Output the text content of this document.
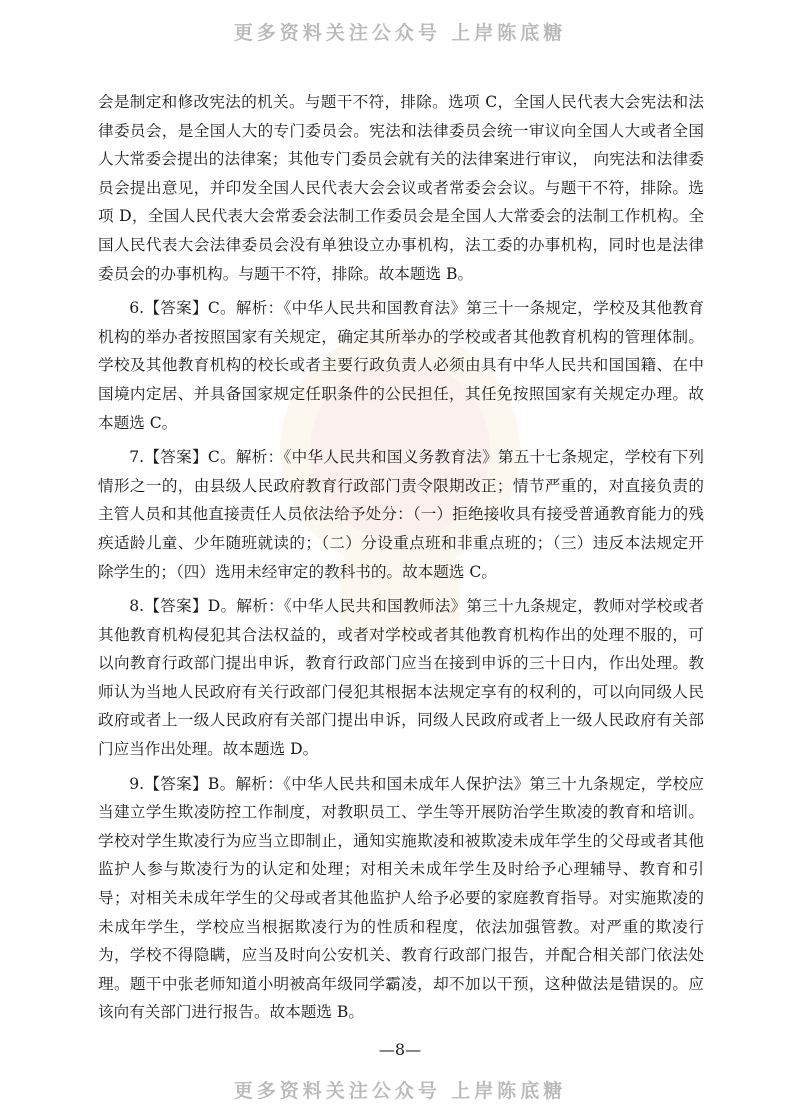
更多资料关注公众号 上岸陈底糖

会是制定和修改宪法的机关。与题干不符，排除。选项 C，全国人民代表大会宪法和法律委员会，是全国人大的专门委员会。宪法和法律委员会统一审议向全国人大或者全国人大常委会提出的法律案；其他专门委员会就有关的法律案进行审议， 向宪法和法律委员会提出意见，并印发全国人民代表大会会议或者常委会会议。与题干不符，排除。选项 D，全国人民代表大会常委会法制工作委员会是全国人大常委会的法制工作机构。全国人民代表大会法律委员会没有单独设立办事机构，法工委的办事机构，同时也是法律委员会的办事机构。与题干不符，排除。故本题选 B。

6.【答案】C。解析：《中华人民共和国教育法》第三十一条规定，学校及其他教育机构的举办者按照国家有关规定，确定其所举办的学校或者其他教育机构的管理体制。学校及其他教育机构的校长或者主要行政负责人必须由具有中华人民共和国国籍、在中国境内定居、并具备国家规定任职条件的公民担任，其任免按照国家有关规定办理。故本题选 C。

7.【答案】C。解析：《中华人民共和国义务教育法》第五十七条规定，学校有下列情形之一的，由县级人民政府教育行政部门责令限期改正；情节严重的，对直接负责的主管人员和其他直接责任人员依法给予处分：（一）拒绝接收具有接受普通教育能力的残疾适龄儿童、少年随班就读的；（二）分设重点班和非重点班的；（三）违反本法规定开除学生的；（四）选用未经审定的教科书的。故本题选 C。

8.【答案】D。解析：《中华人民共和国教师法》第三十九条规定，教师对学校或者其他教育机构侵犯其合法权益的，或者对学校或者其他教育机构作出的处理不服的，可以向教育行政部门提出申诉，教育行政部门应当在接到申诉的三十日内，作出处理。教师认为当地人民政府有关行政部门侵犯其根据本法规定享有的权利的，可以向同级人民政府或者上一级人民政府有关部门提出申诉，同级人民政府或者上一级人民政府有关部门应当作出处理。故本题选 D。

9.【答案】B。解析：《中华人民共和国未成年人保护法》第三十九条规定，学校应当建立学生欺凌防控工作制度，对教职员工、学生等开展防治学生欺凌的教育和培训。学校对学生欺凌行为应当立即制止，通知实施欺凌和被欺凌未成年学生的父母或者其他监护人参与欺凌行为的认定和处理；对相关未成年学生及时给予心理辅导、教育和引导；对相关未成年学生的父母或者其他监护人给予必要的家庭教育指导。对实施欺凌的未成年学生，学校应当根据欺凌行为的性质和程度，依法加强管教。对严重的欺凌行为，学校不得隐瞒，应当及时向公安机关、教育行政部门报告，并配合相关部门依法处理。题干中张老师知道小明被高年级同学霸凌，却不加以干预，这种做法是错误的。应该向有关部门进行报告。故本题选 B。

—8—
更多资料关注公众号 上岸陈底糖
